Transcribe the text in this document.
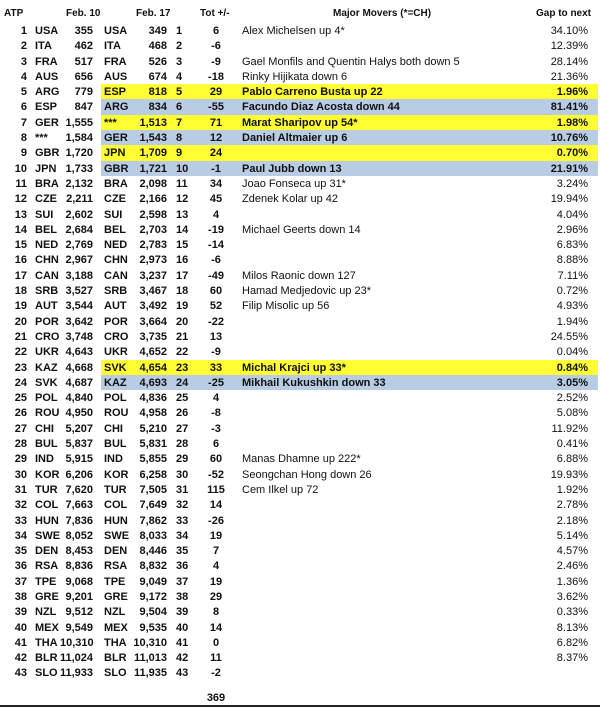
ATP	Feb. 10	Feb. 17	Tot +/-	Major Movers (*=CH)	Gap to next
1 USA	355 USA	349 1	6	Alex Michelsen up 4*	34.10%
2 ITA	462 ITA	468 2	-6	12.39%
3 FRA	517 FRA	526 3	-9	Gael Monfils and Quentin Halys both down 5	28.14%
4 AUS	656 AUS	674 4	-18	Rinky Hijikata down 6	21.36%
5 ARG	779 ESP	818 5	29	Pablo Carreno Busta up 22	1.96%
6 ESP	847 ARG	834 6	-55	Facundo Diaz Acosta down 44	81.41%
7 GER 1,555 ***	1,513 7	71	Marat Sharipov up 54*	1.98%
8 ***	1,584 GER	1,543 8	12	Daniel Altmaier up 6	10.76%
9 GBR 1,720 JPN	1,709 9	24	0.70%
10 JPN 1,733 GBR	1,721 10	-1	Paul Jubb down 13	21.91%
11 BRA 2,132 BRA	2,098 11	34	Joao Fonseca up 31*	3.24%
12 CZE 2,211 CZE	2,166 12	45	Zdenek Kolar up 42	19.94%
13 SUI	2,602 SUI	2,598 13	4	4.04%
14 BEL 2,684 BEL	2,703 14	-19	Michael Geerts down 14	2.96%
15 NED 2,769 NED	2,783 15	-14	6.83%
16 CHN 2,967 CHN	2,973 16	-6	8.88%
17 CAN 3,188 CAN	3,237 17	-49	Milos Raonic down 127	7.11%
18 SRB 3,527 SRB	3,467 18	60	Hamad Medjedovic up 23*	0.72%
19 AUT 3,544 AUT	3,492 19	52	Filip Misolic up 56	4.93%
20 POR 3,642 POR	3,664 20	-22	1.94%
21 CRO 3,748 CRO	3,735 21	13	24.55%
22 UKR 4,643 UKR	4,652 22	-9	0.04%
23 KAZ 4,668 SVK	4,654 23	33	Michal Krajci up 33*	0.84%
24 SVK 4,687 KAZ	4,693 24	-25	Mikhail Kukushkin down 33	3.05%
25 POL 4,840 POL	4,836 25	4	2.52%
26 ROU 4,950 ROU	4,958 26	-8	5.08%
27 CHI	5,207 CHI	5,210 27	-3	11.92%
28 BUL 5,837 BUL	5,831 28	6	0.41%
29 IND	5,915 IND	5,855 29	60	Manas Dhamne up 222*	6.88%
30 KOR 6,206 KOR	6,258 30	-52	Seongchan Hong down 26	19.93%
31 TUR 7,620 TUR	7,505 31	115	Cem Ilkel up 72	1.92%
32 COL 7,663 COL	7,649 32	14	2.78%
33 HUN 7,836 HUN	7,862 33	-26	2.18%
34 SWE 8,052 SWE 8,033 34	19	5.14%
35 DEN 8,453 DEN	8,446 35	7	4.57%
36 RSA 8,836 RSA	8,832 36	4	2.46%
37 TPE 9,068 TPE	9,049 37	19	1.36%
38 GRE 9,201 GRE	9,172 38	29	3.62%
39 NZL 9,512 NZL	9,504 39	8	0.33%
40 MEX 9,549 MEX	9,535 40	14	8.13%
41 THA 10,310 THA 10,310 41	0	6.82%
42 BLR 11,024 BLR 11,013 42	11	8.37%
43 SLO 11,933 SLO 11,935 43	-2
369
